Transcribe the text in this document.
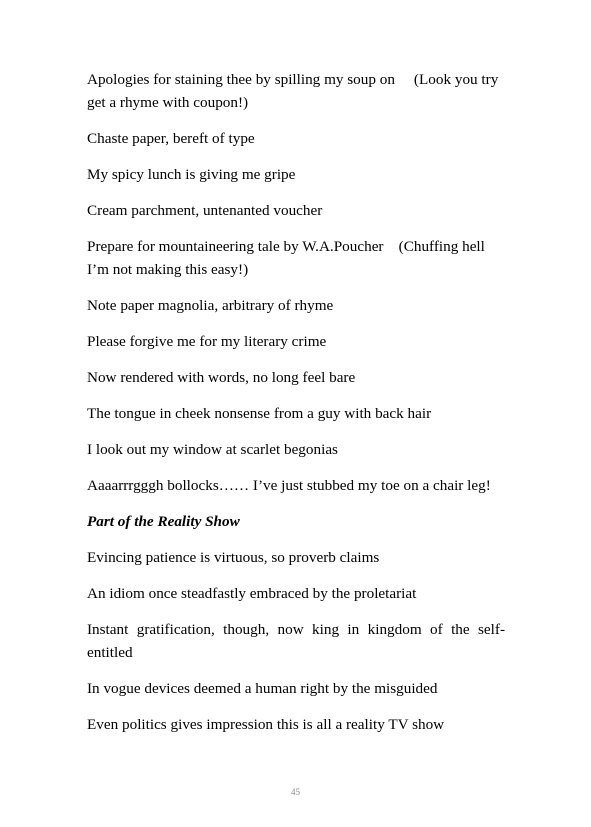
Apologies for staining thee by spilling my soup on     (Look you try get a rhyme with coupon!)

Chaste paper, bereft of type

My spicy lunch is giving me gripe

Cream parchment, untenanted voucher

Prepare for mountaineering tale by W.A.Poucher    (Chuffing hell I’m not making this easy!)

Note paper magnolia, arbitrary of rhyme

Please forgive me for my literary crime

Now rendered with words, no long feel bare

The tongue in cheek nonsense from a guy with back hair

I look out my window at scarlet begonias

Aaaarrrgggh bollocks…… I’ve just stubbed my toe on a chair leg!

Part of the Reality Show

Evincing patience is virtuous, so proverb claims

An idiom once steadfastly embraced by the proletariat

Instant gratification, though, now king in kingdom of the self-entitled

In vogue devices deemed a human right by the misguided

Even politics gives impression this is all a reality TV show

45
